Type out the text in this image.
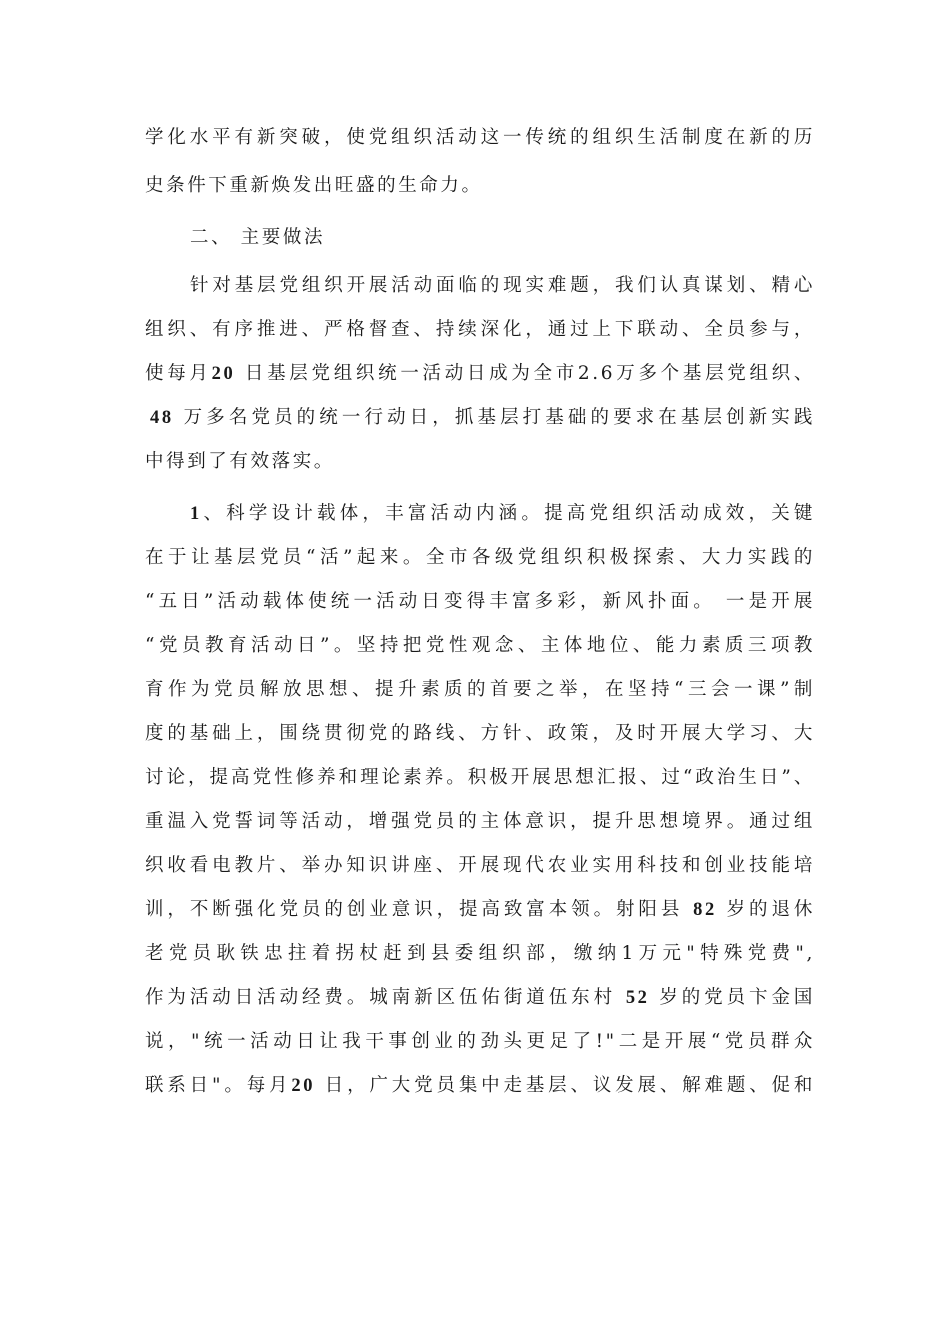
学化水平有新突破，使党组织活动这一传统的组织生活制度在新的历
史条件下重新焕发出旺盛的生命力。
二、 主要做法
针对基层党组织开展活动面临的现实难题，我们认真谋划、精心
组织、有序推进、严格督查、持续深化，通过上下联动、全员参与，
使每月20 日基层党组织统一活动日成为全市2.6万多个基层党组织、
48 万多名党员的统一行动日，抓基层打基础的要求在基层创新实践
中得到了有效落实。
1、科学设计载体，丰富活动内涵。提高党组织活动成效，关键
在于让基层党员“活”起来。全市各级党组织积极探索、大力实践的
“五日”活动载体使统一活动日变得丰富多彩，新风扑面。 一是开展
“党员教育活动日”。坚持把党性观念、主体地位、能力素质三项教
育作为党员解放思想、提升素质的首要之举，在坚持“三会一课”制
度的基础上，围绕贯彻党的路线、方针、政策，及时开展大学习、大
讨论，提高党性修养和理论素养。积极开展思想汇报、过“政治生日”、
重温入党誓词等活动，增强党员的主体意识，提升思想境界。通过组
织收看电教片、举办知识讲座、开展现代农业实用科技和创业技能培
训，不断强化党员的创业意识，提高致富本领。射阳县 82 岁的退休
老党员耿铁忠拄着拐杖赶到县委组织部，缴纳1万元"特殊党费",
作为活动日活动经费。城南新区伍佑街道伍东村 52 岁的党员卞金国
说，"统一活动日让我干事创业的劲头更足了!"二是开展“党员群众
联系日"。每月20 日，广大党员集中走基层、议发展、解难题、促和
